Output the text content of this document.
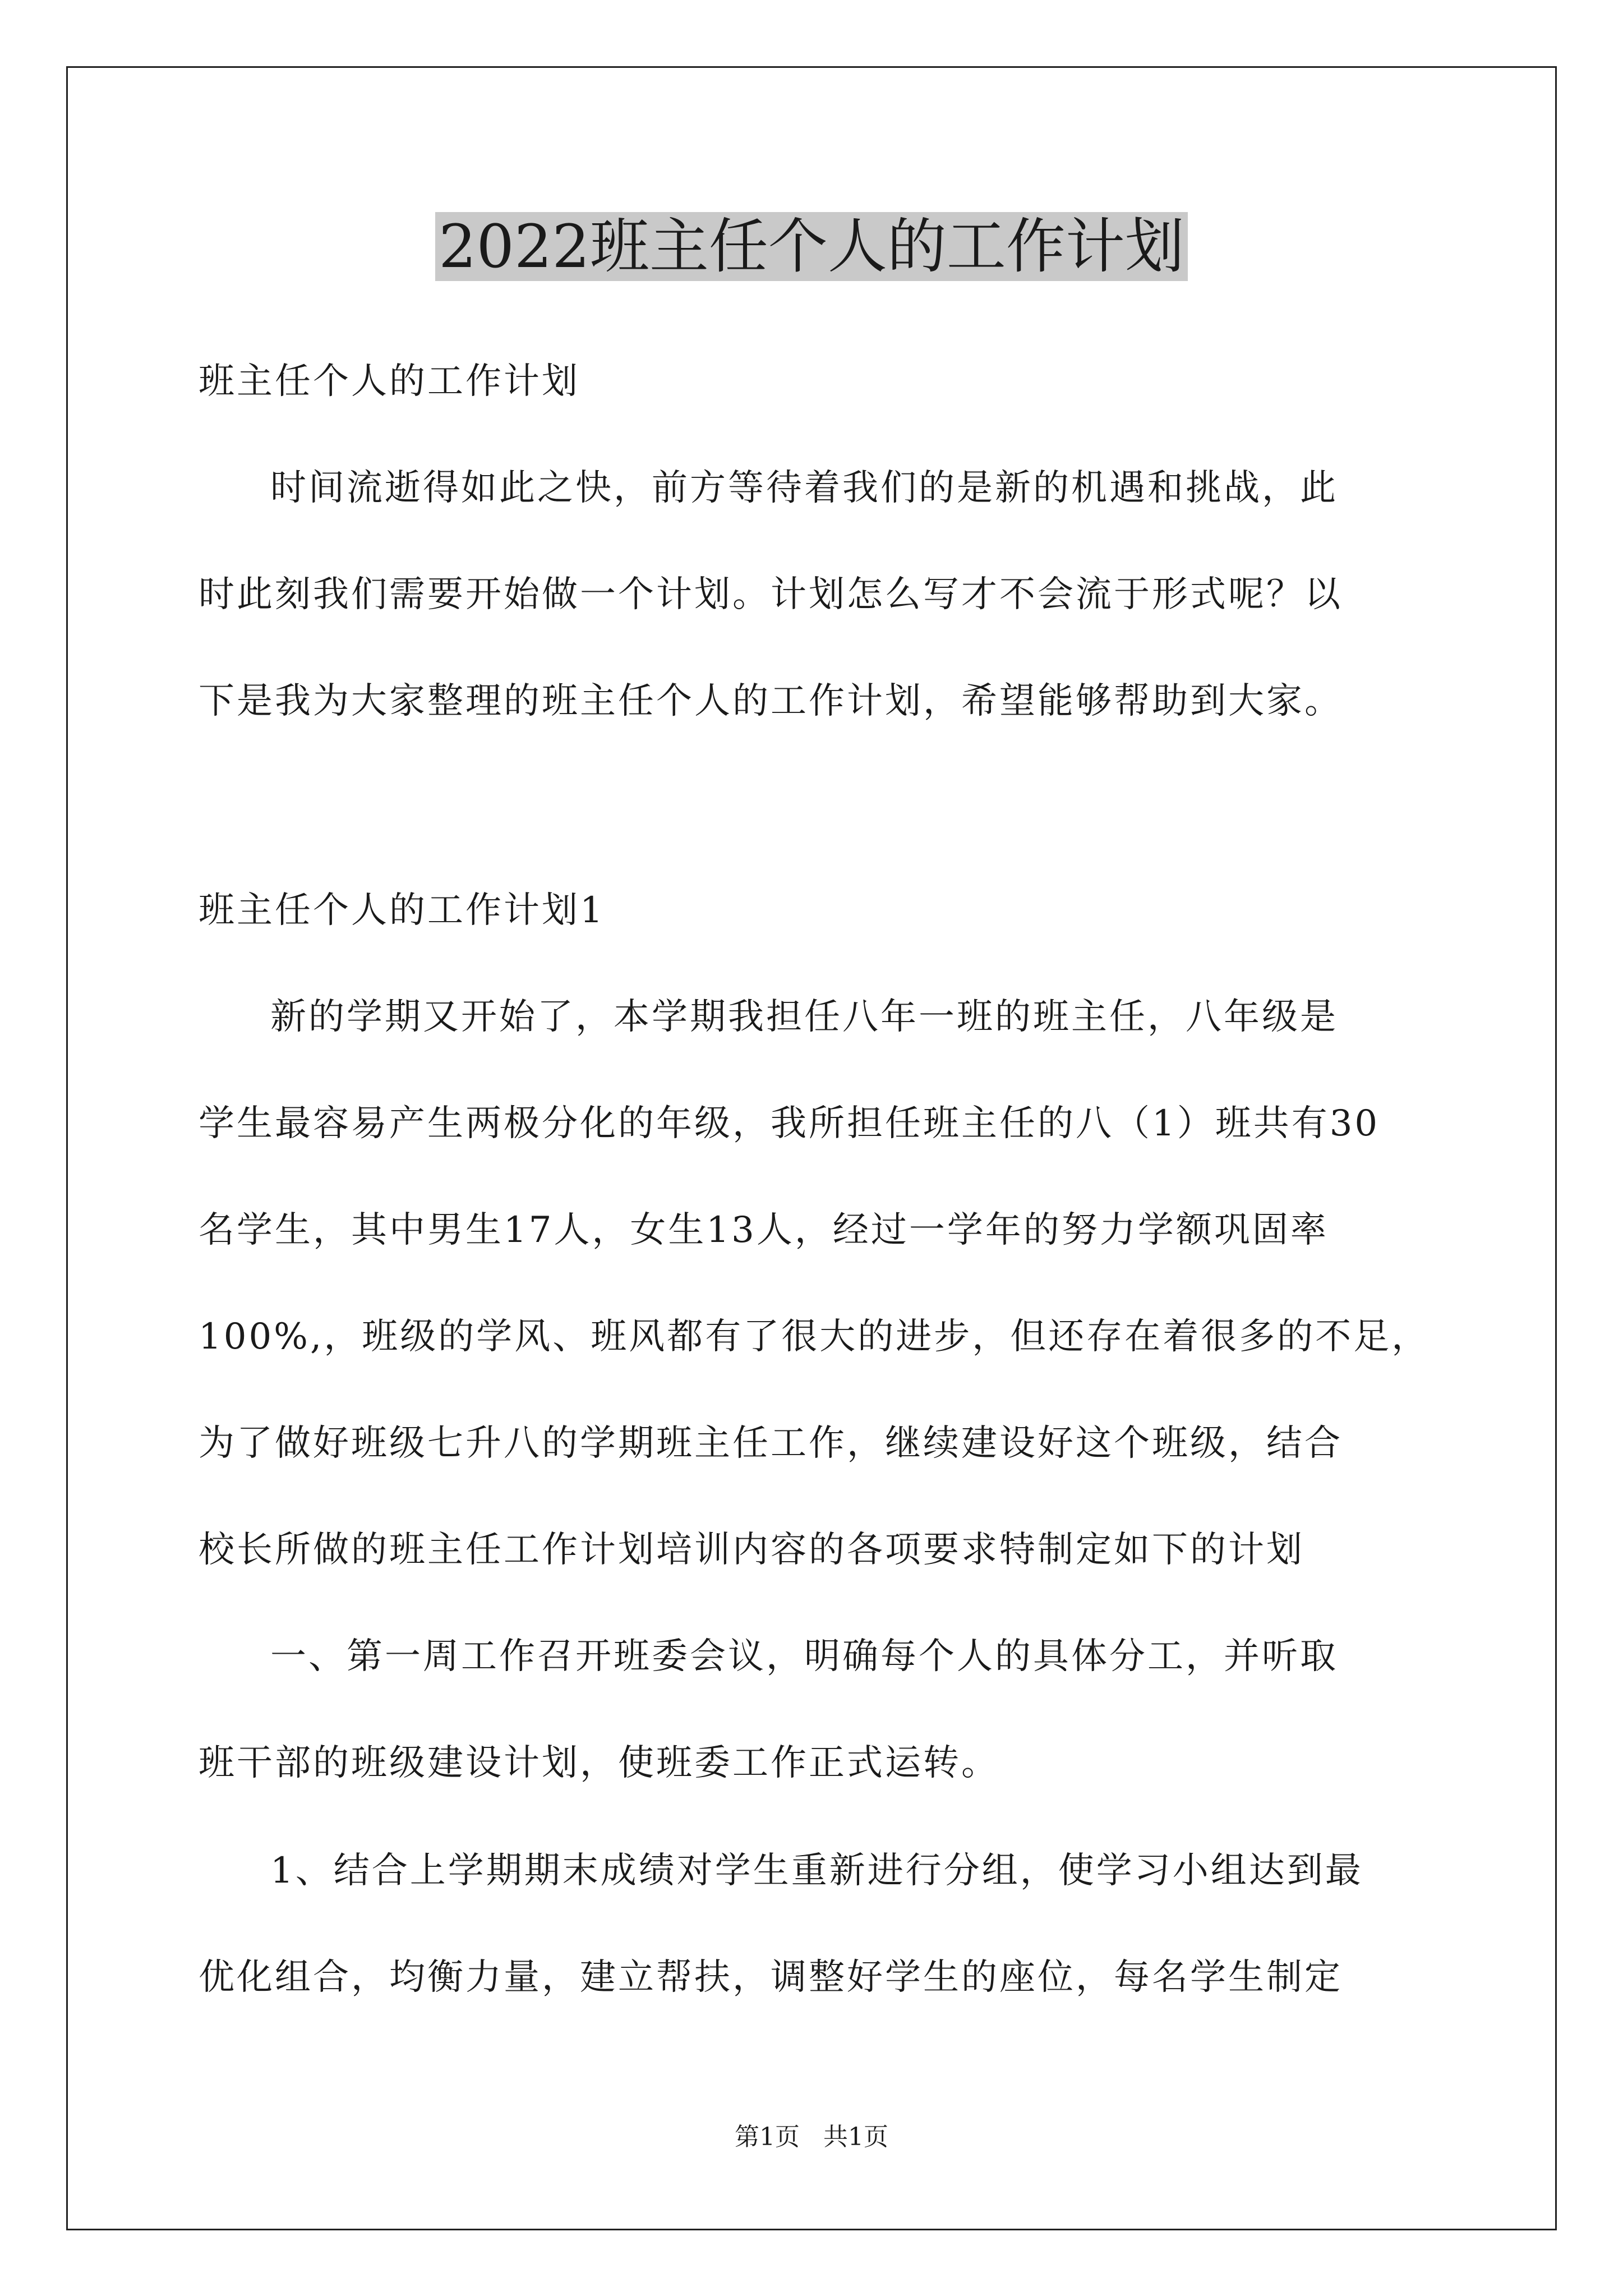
2022班主任个人的工作计划

班主任个人的工作计划

时间流逝得如此之快，前方等待着我们的是新的机遇和挑战，此
时此刻我们需要开始做一个计划。计划怎么写才不会流于形式呢？以
下是我为大家整理的班主任个人的工作计划，希望能够帮助到大家。

班主任个人的工作计划1

新的学期又开始了，本学期我担任八年一班的班主任，八年级是
学生最容易产生两极分化的年级，我所担任班主任的八（1）班共有30
名学生，其中男生17人，女生13人，经过一学年的努力学额巩固率
100%,，班级的学风、班风都有了很大的进步，但还存在着很多的不足，
为了做好班级七升八的学期班主任工作，继续建设好这个班级，结合
校长所做的班主任工作计划培训内容的各项要求特制定如下的计划

一、第一周工作召开班委会议，明确每个人的具体分工，并听取
班干部的班级建设计划，使班委工作正式运转。

1、结合上学期期末成绩对学生重新进行分组，使学习小组达到最
优化组合，均衡力量，建立帮扶，调整好学生的座位，每名学生制定

第1页   共1页
